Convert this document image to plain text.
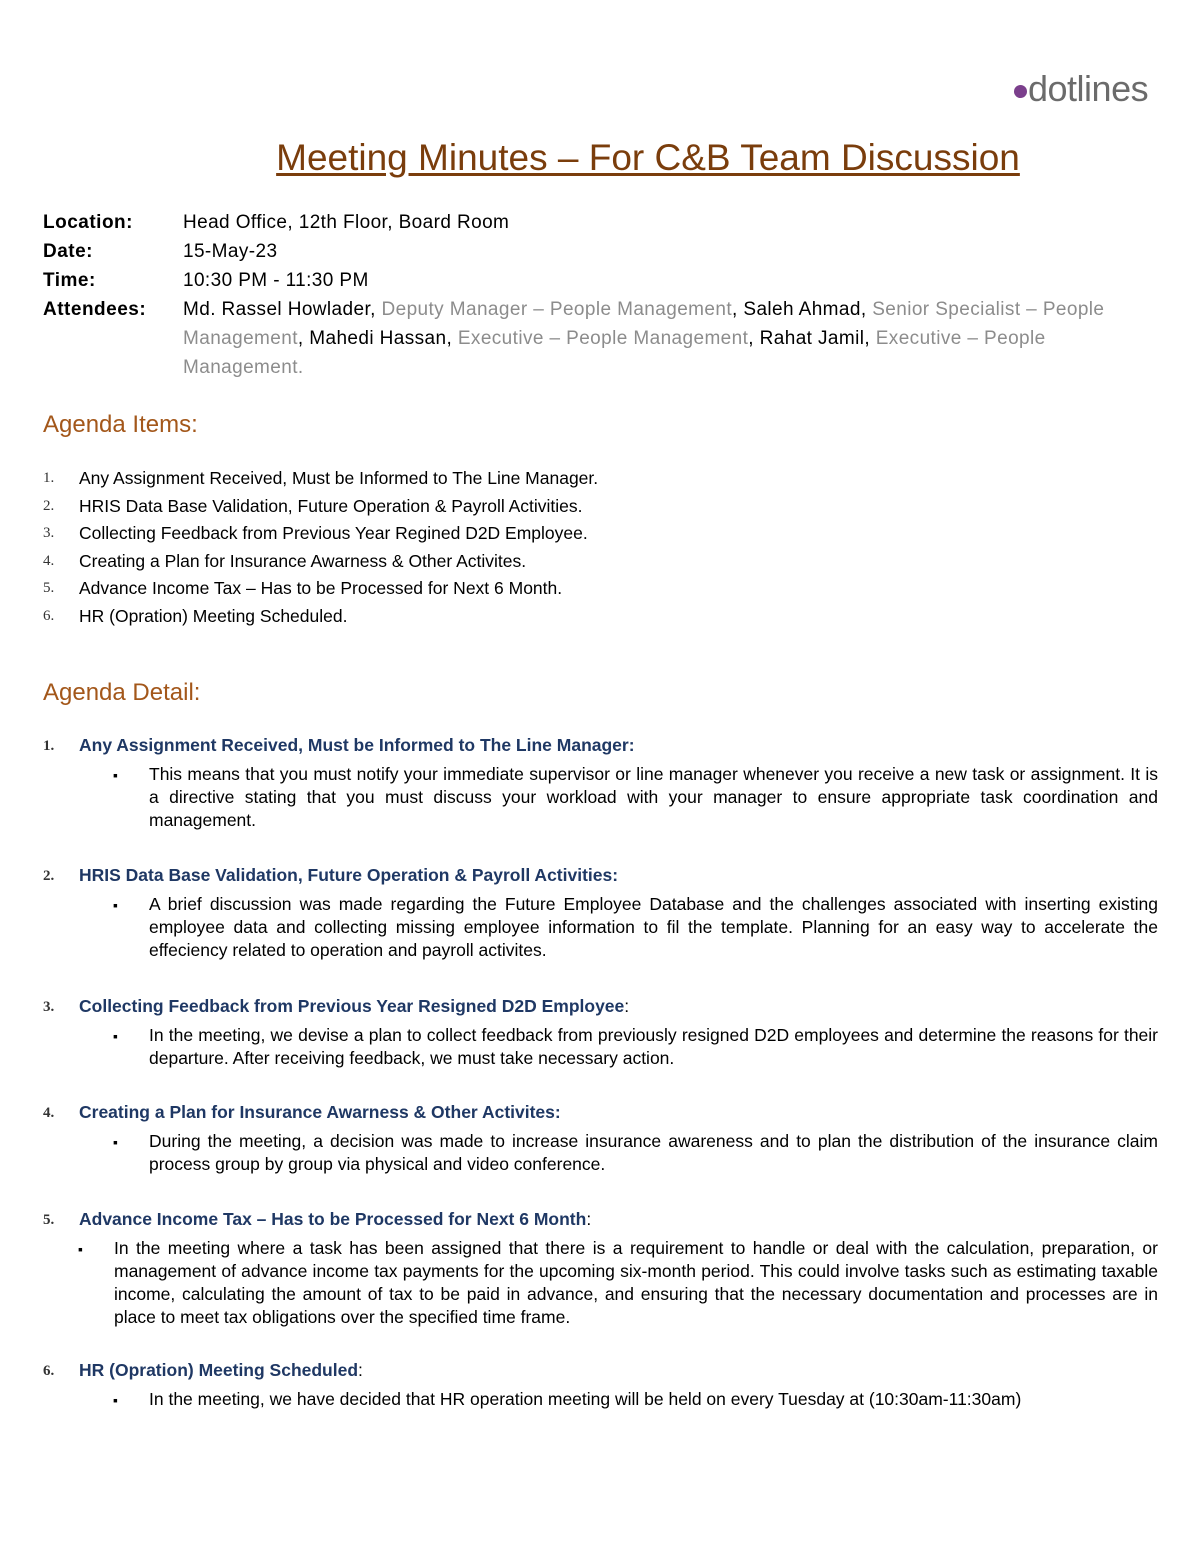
dotlines
Meeting Minutes – For C&B Team Discussion
Location:	Head Office, 12th Floor, Board Room
Date:	15-May-23
Time:	10:30 PM - 11:30 PM
Attendees:	Md. Rassel Howlader, Deputy Manager – People Management, Saleh Ahmad, Senior Specialist – People Management, Mahedi Hassan, Executive – People Management, Rahat Jamil, Executive – People Management.
Agenda Items:
1.	Any Assignment Received, Must be Informed to The Line Manager.
2.	HRIS Data Base Validation, Future Operation & Payroll Activities.
3.	Collecting Feedback from Previous Year Regined D2D Employee.
4.	Creating a Plan for Insurance Awarness & Other Activites.
5.	Advance Income Tax – Has to be Processed for Next 6 Month.
6.	HR (Opration) Meeting Scheduled.
Agenda Detail:
1.	Any Assignment Received, Must be Informed to The Line Manager:
▪	This means that you must notify your immediate supervisor or line manager whenever you receive a new task or assignment. It is a directive stating that you must discuss your workload with your manager to ensure appropriate task coordination and management.
2.	HRIS Data Base Validation, Future Operation & Payroll Activities:
▪	A brief discussion was made regarding the Future Employee Database and the challenges associated with inserting existing employee data and collecting missing employee information to fil the template. Planning for an easy way to accelerate the effeciency related to operation and payroll activites.
3.	Collecting Feedback from Previous Year Resigned D2D Employee :
▪	In the meeting, we devise a plan to collect feedback from previously resigned D2D employees and determine the reasons for their departure. After receiving feedback, we must take necessary action.
4.	Creating a Plan for Insurance Awarness & Other Activites:
▪	During the meeting, a decision was made to increase insurance awareness and to plan the distribution of the insurance claim process group by group via physical and video conference.
5.	Advance Income Tax – Has to be Processed for Next 6 Month :
▪	In the meeting where a task has been assigned that there is a requirement to handle or deal with the calculation, preparation, or management of advance income tax payments for the upcoming six-month period. This could involve tasks such as estimating taxable income, calculating the amount of tax to be paid in advance, and ensuring that the necessary documentation and processes are in place to meet tax obligations over the specified time frame.
6.	HR (Opration) Meeting Scheduled :
▪	In the meeting, we have decided that HR operation meeting will be held on every Tuesday at (10:30am-11:30am)
